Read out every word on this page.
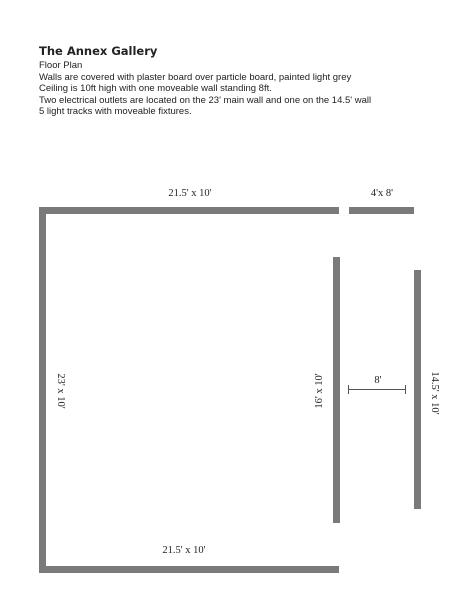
The Annex Gallery
Floor Plan
Walls are covered with plaster board over particle board, painted light grey
Ceiling is 10ft high with one moveable wall standing 8ft.
Two electrical outlets are located on the 23' main wall and one on the 14.5' wall
5 light tracks with moveable fixtures.
21.5' x 10'	4'x 8'
23' x 10'
21.5' x 10'
16' x 10'	14.5' x 10'
8'
